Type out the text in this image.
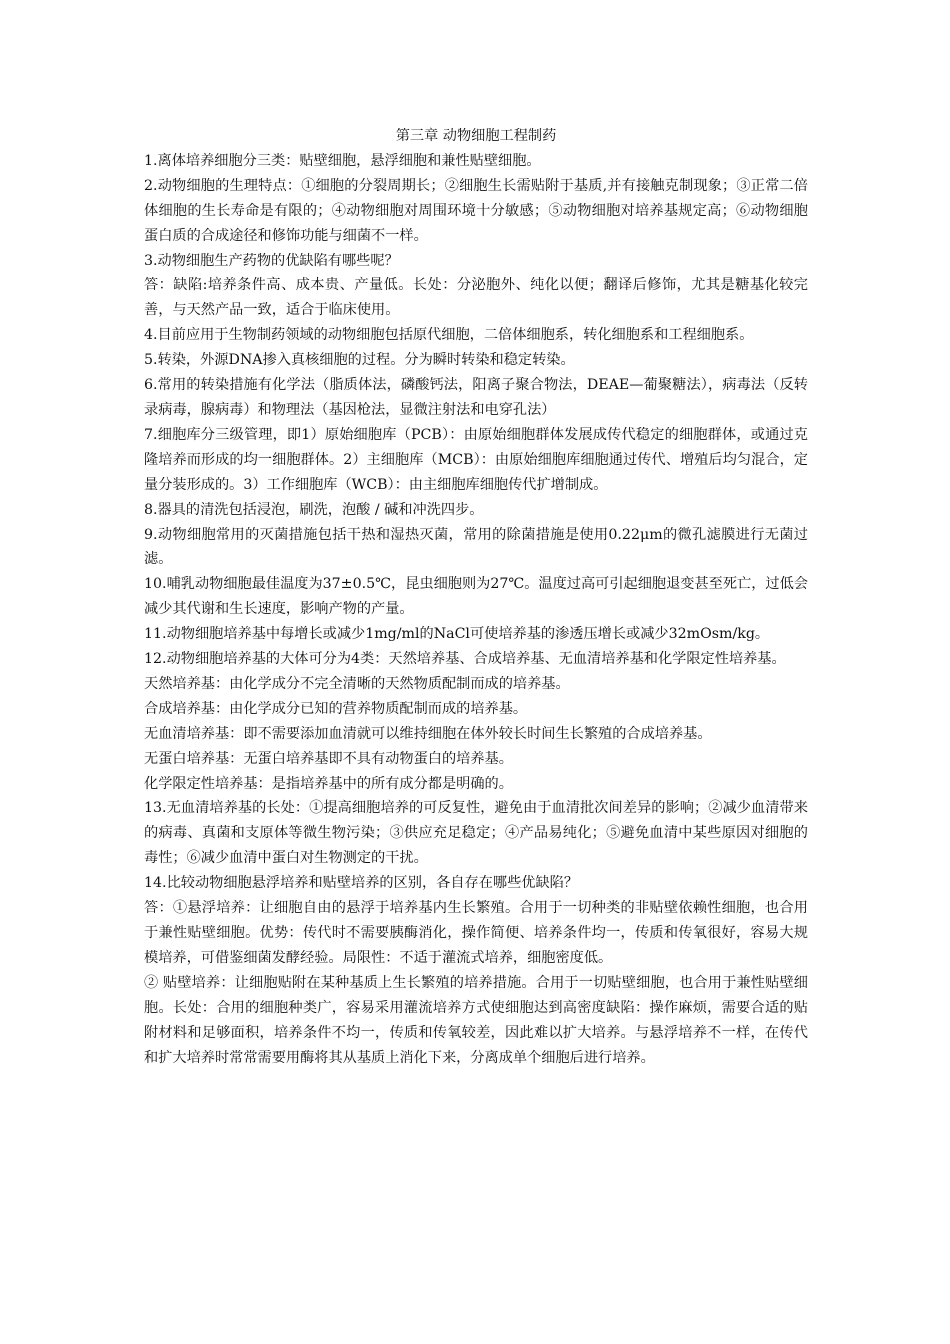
第三章 动物细胞工程制药

1.离体培养细胞分三类：贴壁细胞，悬浮细胞和兼性贴壁细胞。

2.动物细胞的生理特点：①细胞的分裂周期长；②细胞生长需贴附于基质,并有接触克制现象；③正常二倍体细胞的生长寿命是有限的；④动物细胞对周围环境十分敏感；⑤动物细胞对培养基规定高；⑥动物细胞蛋白质的合成途径和修饰功能与细菌不一样。

3.动物细胞生产药物的优缺陷有哪些呢？

答：缺陷:培养条件高、成本贵、产量低。长处：分泌胞外、纯化以便；翻译后修饰，尤其是糖基化较完善，与天然产品一致，适合于临床使用。

4.目前应用于生物制药领域的动物细胞包括原代细胞，二倍体细胞系，转化细胞系和工程细胞系。

5.转染，外源DNA掺入真核细胞的过程。分为瞬时转染和稳定转染。

6.常用的转染措施有化学法（脂质体法，磷酸钙法，阳离子聚合物法，DEAE—葡聚糖法），病毒法（反转录病毒，腺病毒）和物理法（基因枪法，显微注射法和电穿孔法）

7.细胞库分三级管理，即1）原始细胞库（PCB）：由原始细胞群体发展成传代稳定的细胞群体，或通过克隆培养而形成的均一细胞群体。2）主细胞库（MCB）：由原始细胞库细胞通过传代、增殖后均匀混合，定量分装形成的。3）工作细胞库（WCB）：由主细胞库细胞传代扩增制成。

8.器具的清洗包括浸泡，刷洗，泡酸 / 碱和冲洗四步。

9.动物细胞常用的灭菌措施包括干热和湿热灭菌，常用的除菌措施是使用0.22μm的微孔滤膜进行无菌过滤。

10.哺乳动物细胞最佳温度为37±0.5℃，昆虫细胞则为27℃。温度过高可引起细胞退变甚至死亡，过低会减少其代谢和生长速度，影响产物的产量。

11.动物细胞培养基中每增长或减少1mg/ml的NaCl可使培养基的渗透压增长或减少32mOsm/kg。

12.动物细胞培养基的大体可分为4类：天然培养基、合成培养基、无血清培养基和化学限定性培养基。

天然培养基：由化学成分不完全清晰的天然物质配制而成的培养基。

合成培养基：由化学成分已知的营养物质配制而成的培养基。

无血清培养基：即不需要添加血清就可以维持细胞在体外较长时间生长繁殖的合成培养基。

无蛋白培养基：无蛋白培养基即不具有动物蛋白的培养基。

化学限定性培养基：是指培养基中的所有成分都是明确的。

13.无血清培养基的长处：①提高细胞培养的可反复性，避免由于血清批次间差异的影响；②减少血清带来的病毒、真菌和支原体等微生物污染；③供应充足稳定；④产品易纯化；⑤避免血清中某些原因对细胞的毒性；⑥减少血清中蛋白对生物测定的干扰。

14.比较动物细胞悬浮培养和贴壁培养的区别，各自存在哪些优缺陷？

答：①悬浮培养：让细胞自由的悬浮于培养基内生长繁殖。合用于一切种类的非贴壁依赖性细胞，也合用于兼性贴壁细胞。优势：传代时不需要胰酶消化，操作简便、培养条件均一，传质和传氧很好，容易大规模培养，可借鉴细菌发酵经验。局限性：不适于灌流式培养，细胞密度低。

② 贴壁培养：让细胞贴附在某种基质上生长繁殖的培养措施。合用于一切贴壁细胞，也合用于兼性贴壁细胞。长处：合用的细胞种类广，容易采用灌流培养方式使细胞达到高密度缺陷：操作麻烦，需要合适的贴附材料和足够面积，培养条件不均一，传质和传氧较差，因此难以扩大培养。与悬浮培养不一样，在传代和扩大培养时常常需要用酶将其从基质上消化下来，分离成单个细胞后进行培养。
